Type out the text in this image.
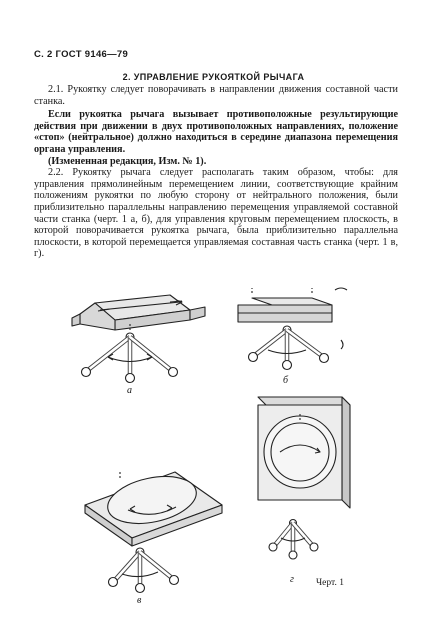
С. 2 ГОСТ 9146—79
2. УПРАВЛЕНИЕ РУКОЯТКОЙ РЫЧАГА

2.1. Рукоятку следует поворачивать в направлении движения составной части станка.

Если рукоятка рычага вызывает противоположные результирующие действия при движении в двух противоположных направлениях, положение «стоп» (нейтральное) должно находиться в середине диапазона перемещения органа управления.

(Измененная редакция, Изм. № 1).

2.2. Рукоятку рычага следует располагать таким образом, чтобы: для управления прямолинейным перемещением линии, соответствующие крайним положениям рукоятки по любую сторону от нейтрального положения, были приблизительно параллельны направлению перемещения управляемой составной части станка (черт. 1 а, б), для управления круговым перемещением плоскость, в которой поворачивается рукоятка рычага, была приблизительно параллельна плоскости, в которой перемещается управляемая составная часть станка (черт. 1 в, г).

а
б
в
г Черт. 1
